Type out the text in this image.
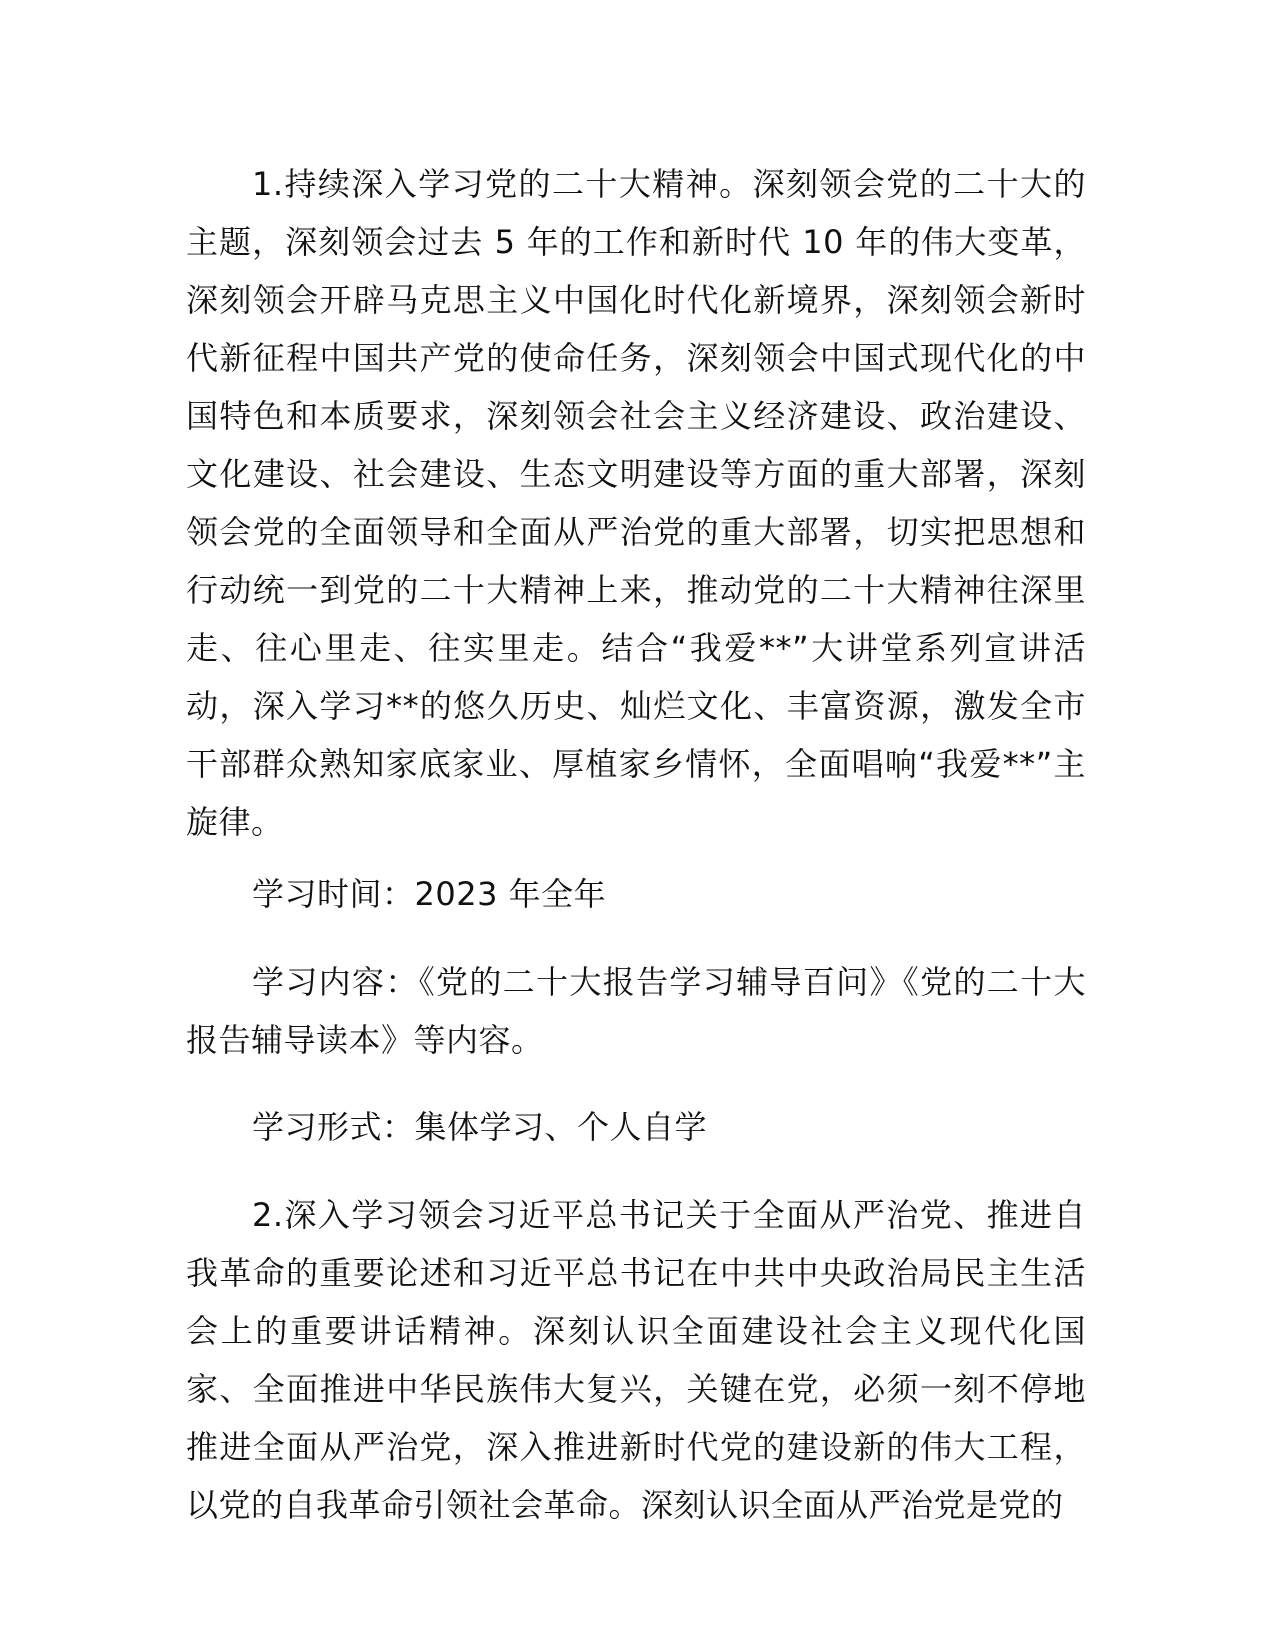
1.持续深入学习党的二十大精神。深刻领会党的二十大的主题，深刻领会过去 5 年的工作和新时代 10 年的伟大变革，深刻领会开辟马克思主义中国化时代化新境界，深刻领会新时代新征程中国共产党的使命任务，深刻领会中国式现代化的中国特色和本质要求，深刻领会社会主义经济建设、政治建设、文化建设、社会建设、生态文明建设等方面的重大部署，深刻领会党的全面领导和全面从严治党的重大部署，切实把思想和行动统一到党的二十大精神上来，推动党的二十大精神往深里走、往心里走、往实里走。结合“我爱**”大讲堂系列宣讲活动，深入学习**的悠久历史、灿烂文化、丰富资源，激发全市干部群众熟知家底家业、厚植家乡情怀，全面唱响“我爱**”主旋律。

学习时间：2023 年全年

学习内容：《党的二十大报告学习辅导百问》《党的二十大报告辅导读本》等内容。

学习形式：集体学习、个人自学

2.深入学习领会习近平总书记关于全面从严治党、推进自我革命的重要论述和习近平总书记在中共中央政治局民主生活会上的重要讲话精神。深刻认识全面建设社会主义现代化国家、全面推进中华民族伟大复兴，关键在党，必须一刻不停地推进全面从严治党，深入推进新时代党的建设新的伟大工程，以党的自我革命引领社会革命。深刻认识全面从严治党是党的
